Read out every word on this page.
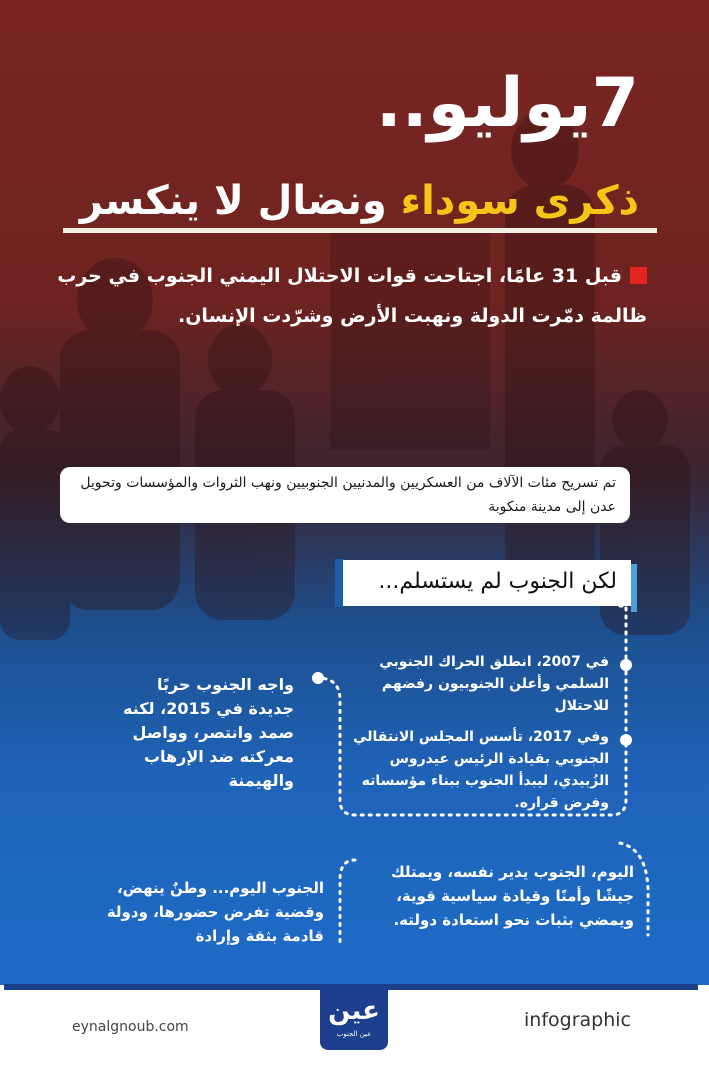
7يوليو..
ذكرى سوداء ونضال لا ينكسر
قبل 31 عامًا، اجتاحت قوات الاحتلال اليمني الجنوب في حرب ظالمة دمّرت الدولة ونهبت الأرض وشرّدت الإنسان.
تم تسريح مئات الآلاف من العسكريين والمدنيين الجنوبيين ونهب الثروات والمؤسسات وتحويل عدن إلى مدينة منكوبة
لكن الجنوب لم يستسلم...
في 2007، انطلق الحراك الجنوبي السلمي وأعلن الجنوبيون رفضهم للاحتلال
وفي 2017، تأسس المجلس الانتقالي الجنوبي بقيادة الرئيس عيدروس الزُبيدي، ليبدأ الجنوب ببناء مؤسساته وفرض قراره.
واجه الجنوب حربًا جديدة في 2015، لكنه صمد وانتصر، وواصل معركته ضد الإرهاب والهيمنة
اليوم، الجنوب يدير نفسه، ويمتلك جيشًا وأمنًا وقيادة سياسية قوية، ويمضي بثبات نحو استعادة دولته.
الجنوب اليوم... وطنٌ ينهض، وقضية تفرض حضورها، ودولة قادمة بثقة وإرادة
eynalgnoub.com	infographic
عين
عين الجنوب
